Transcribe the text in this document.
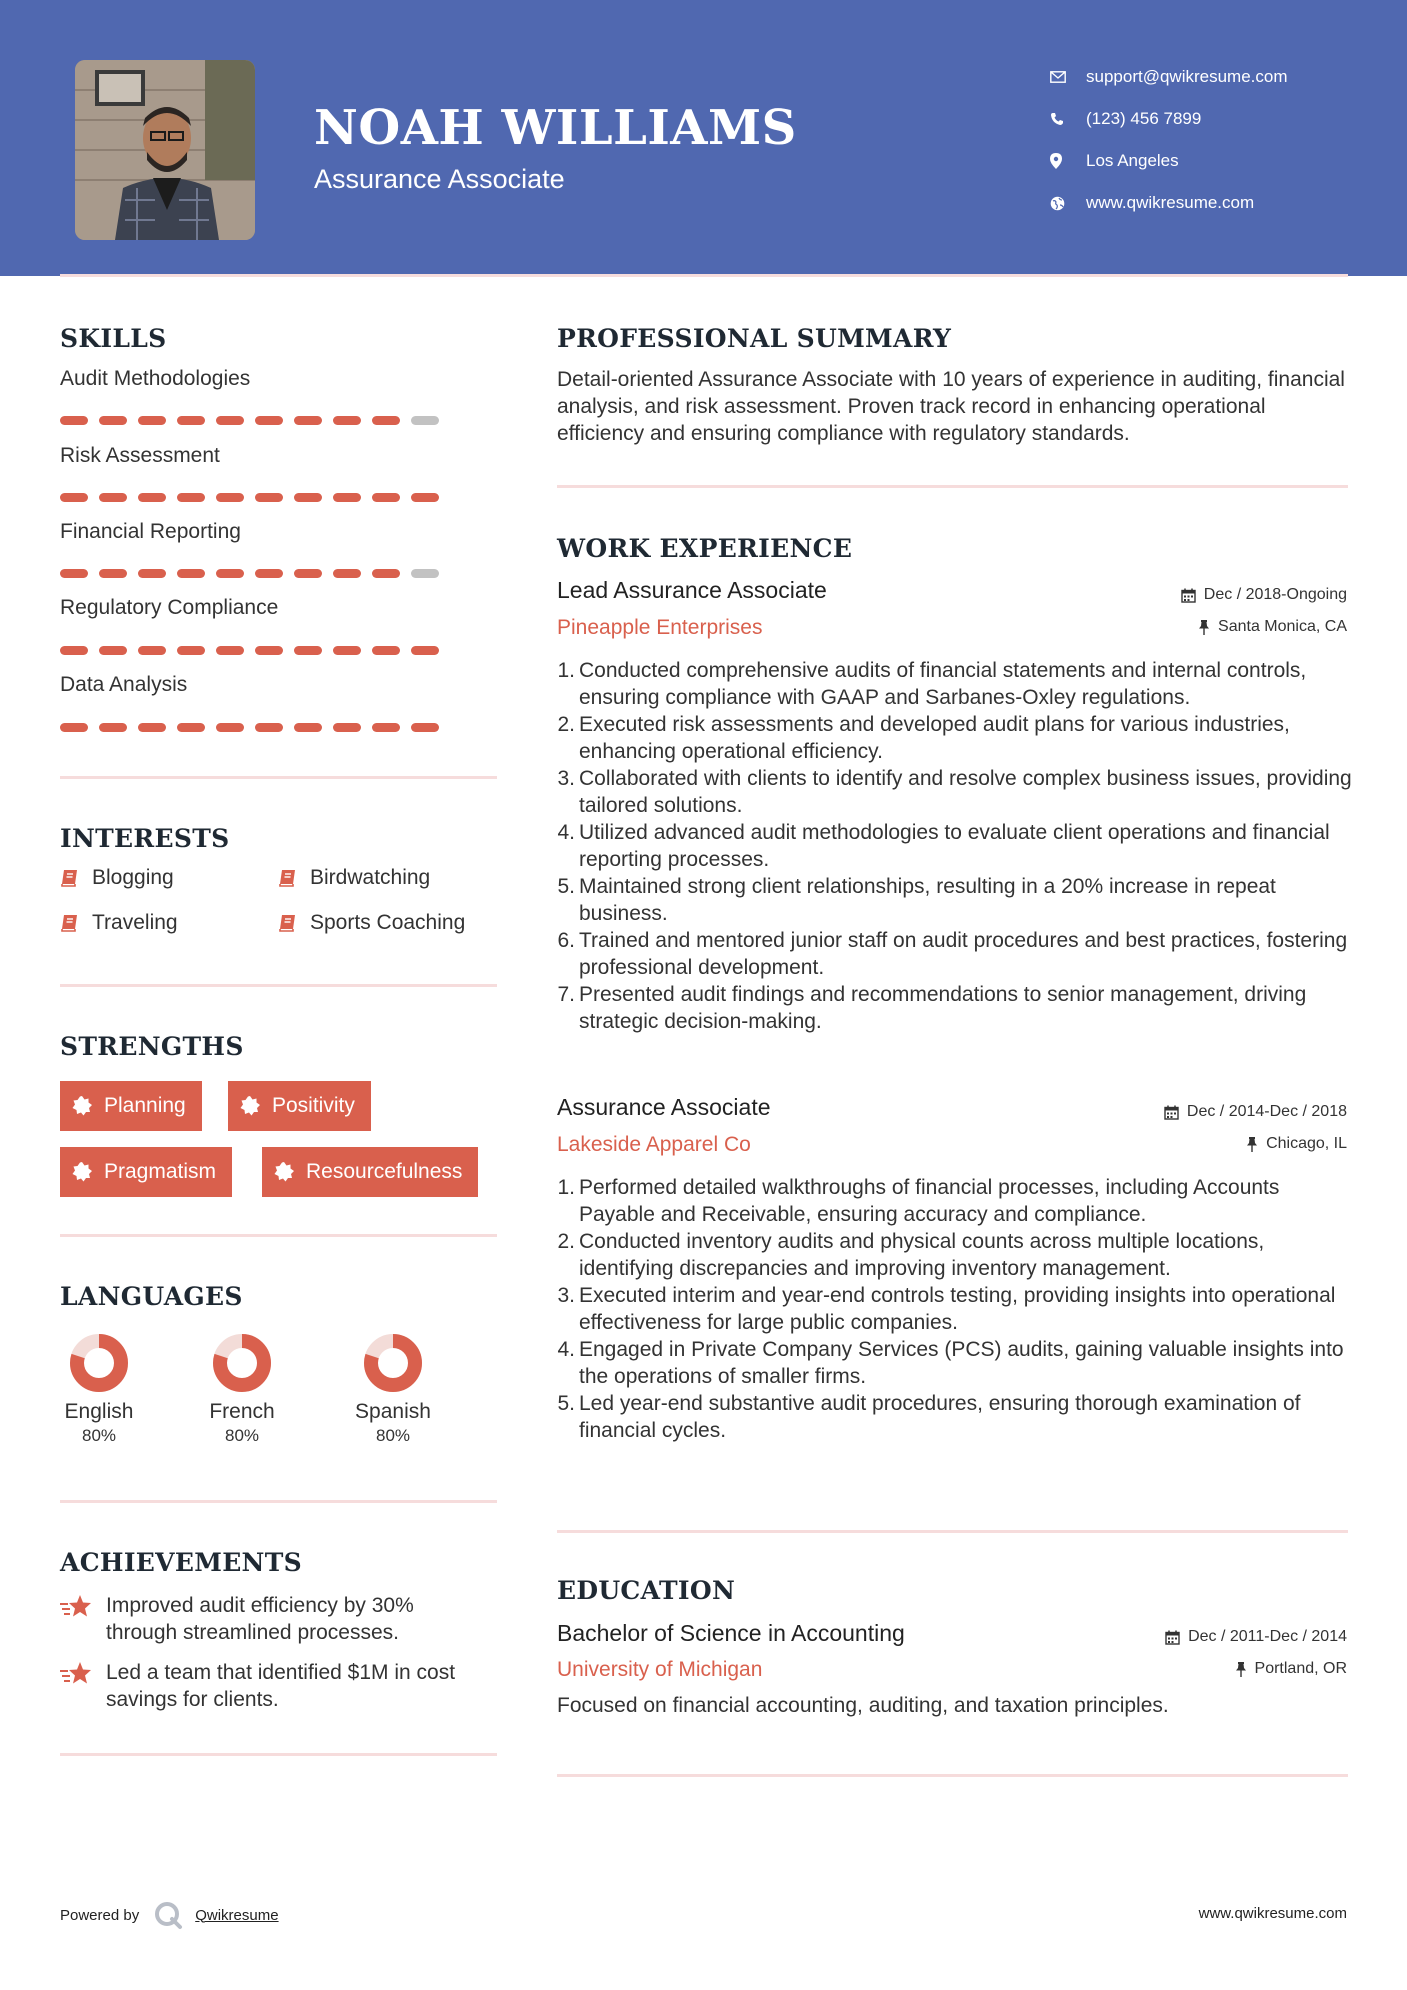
NOAH WILLIAMS
Assurance Associate
support@qwikresume.com
(123) 456 7899
Los Angeles
www.qwikresume.com
SKILLS
Audit Methodologies
Risk Assessment
Financial Reporting
Regulatory Compliance
Data Analysis
INTERESTS
Blogging	Birdwatching
Traveling	Sports Coaching
STRENGTHS
Planning	Positivity
Pragmatism	Resourcefulness
LANGUAGES
English
80%
French
80%
Spanish
80%
ACHIEVEMENTS
Improved audit efficiency by 30% through streamlined processes.
Led a team that identified $1M in cost savings for clients.
PROFESSIONAL SUMMARY
Detail-oriented Assurance Associate with 10 years of experience in auditing, financial analysis, and risk assessment. Proven track record in enhancing operational efficiency and ensuring compliance with regulatory standards.
WORK EXPERIENCE
Lead Assurance Associate	Dec / 2018-Ongoing
Pineapple Enterprises	Santa Monica, CA
1. Conducted comprehensive audits of financial statements and internal controls, ensuring compliance with GAAP and Sarbanes-Oxley regulations.
2. Executed risk assessments and developed audit plans for various industries, enhancing operational efficiency.
3. Collaborated with clients to identify and resolve complex business issues, providing tailored solutions.
4. Utilized advanced audit methodologies to evaluate client operations and financial reporting processes.
5. Maintained strong client relationships, resulting in a 20% increase in repeat business.
6. Trained and mentored junior staff on audit procedures and best practices, fostering professional development.
7. Presented audit findings and recommendations to senior management, driving strategic decision-making.
Assurance Associate	Dec / 2014-Dec / 2018
Lakeside Apparel Co	Chicago, IL
1. Performed detailed walkthroughs of financial processes, including Accounts Payable and Receivable, ensuring accuracy and compliance.
2. Conducted inventory audits and physical counts across multiple locations, identifying discrepancies and improving inventory management.
3. Executed interim and year-end controls testing, providing insights into operational effectiveness for large public companies.
4. Engaged in Private Company Services (PCS) audits, gaining valuable insights into the operations of smaller firms.
5. Led year-end substantive audit procedures, ensuring thorough examination of financial cycles.
EDUCATION
Bachelor of Science in Accounting	Dec / 2011-Dec / 2014
University of Michigan	Portland, OR
Focused on financial accounting, auditing, and taxation principles.
Powered by	Qwikresume	www.qwikresume.com
